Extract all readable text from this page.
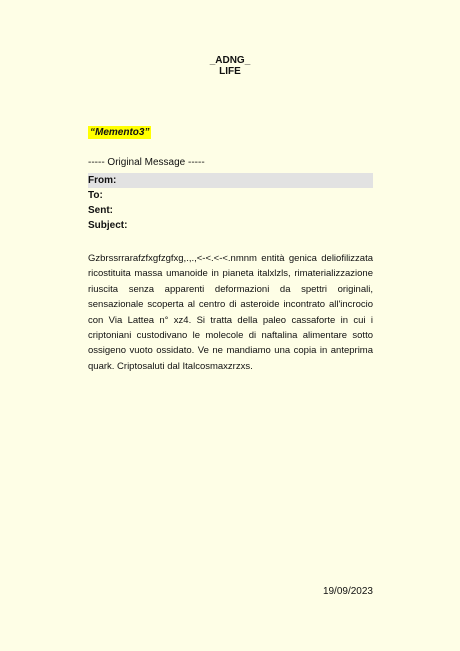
_ADNG_
LIFE
“Memento3”
----- Original Message -----
From:
To:
Sent:
Subject:
Gzbrssrrarafzfxgfzgfxg,.,.,<-<.<-<.nmnm entità genica deliofilizzata ricostituita massa umanoide in pianeta italxlzls, rimaterializzazione riuscita senza apparenti deformazioni da spettri originali, sensazionale scoperta al centro di asteroide incontrato all'incrocio con Via Lattea n° xz4. Si tratta della paleo cassaforte in cui i criptoniani custodivano le molecole di naftalina alimentare sotto ossigeno vuoto ossidato. Ve ne mandiamo una copia in anteprima quark. Criptosaluti dal Italcosmaxzrzxs.
19/09/2023
